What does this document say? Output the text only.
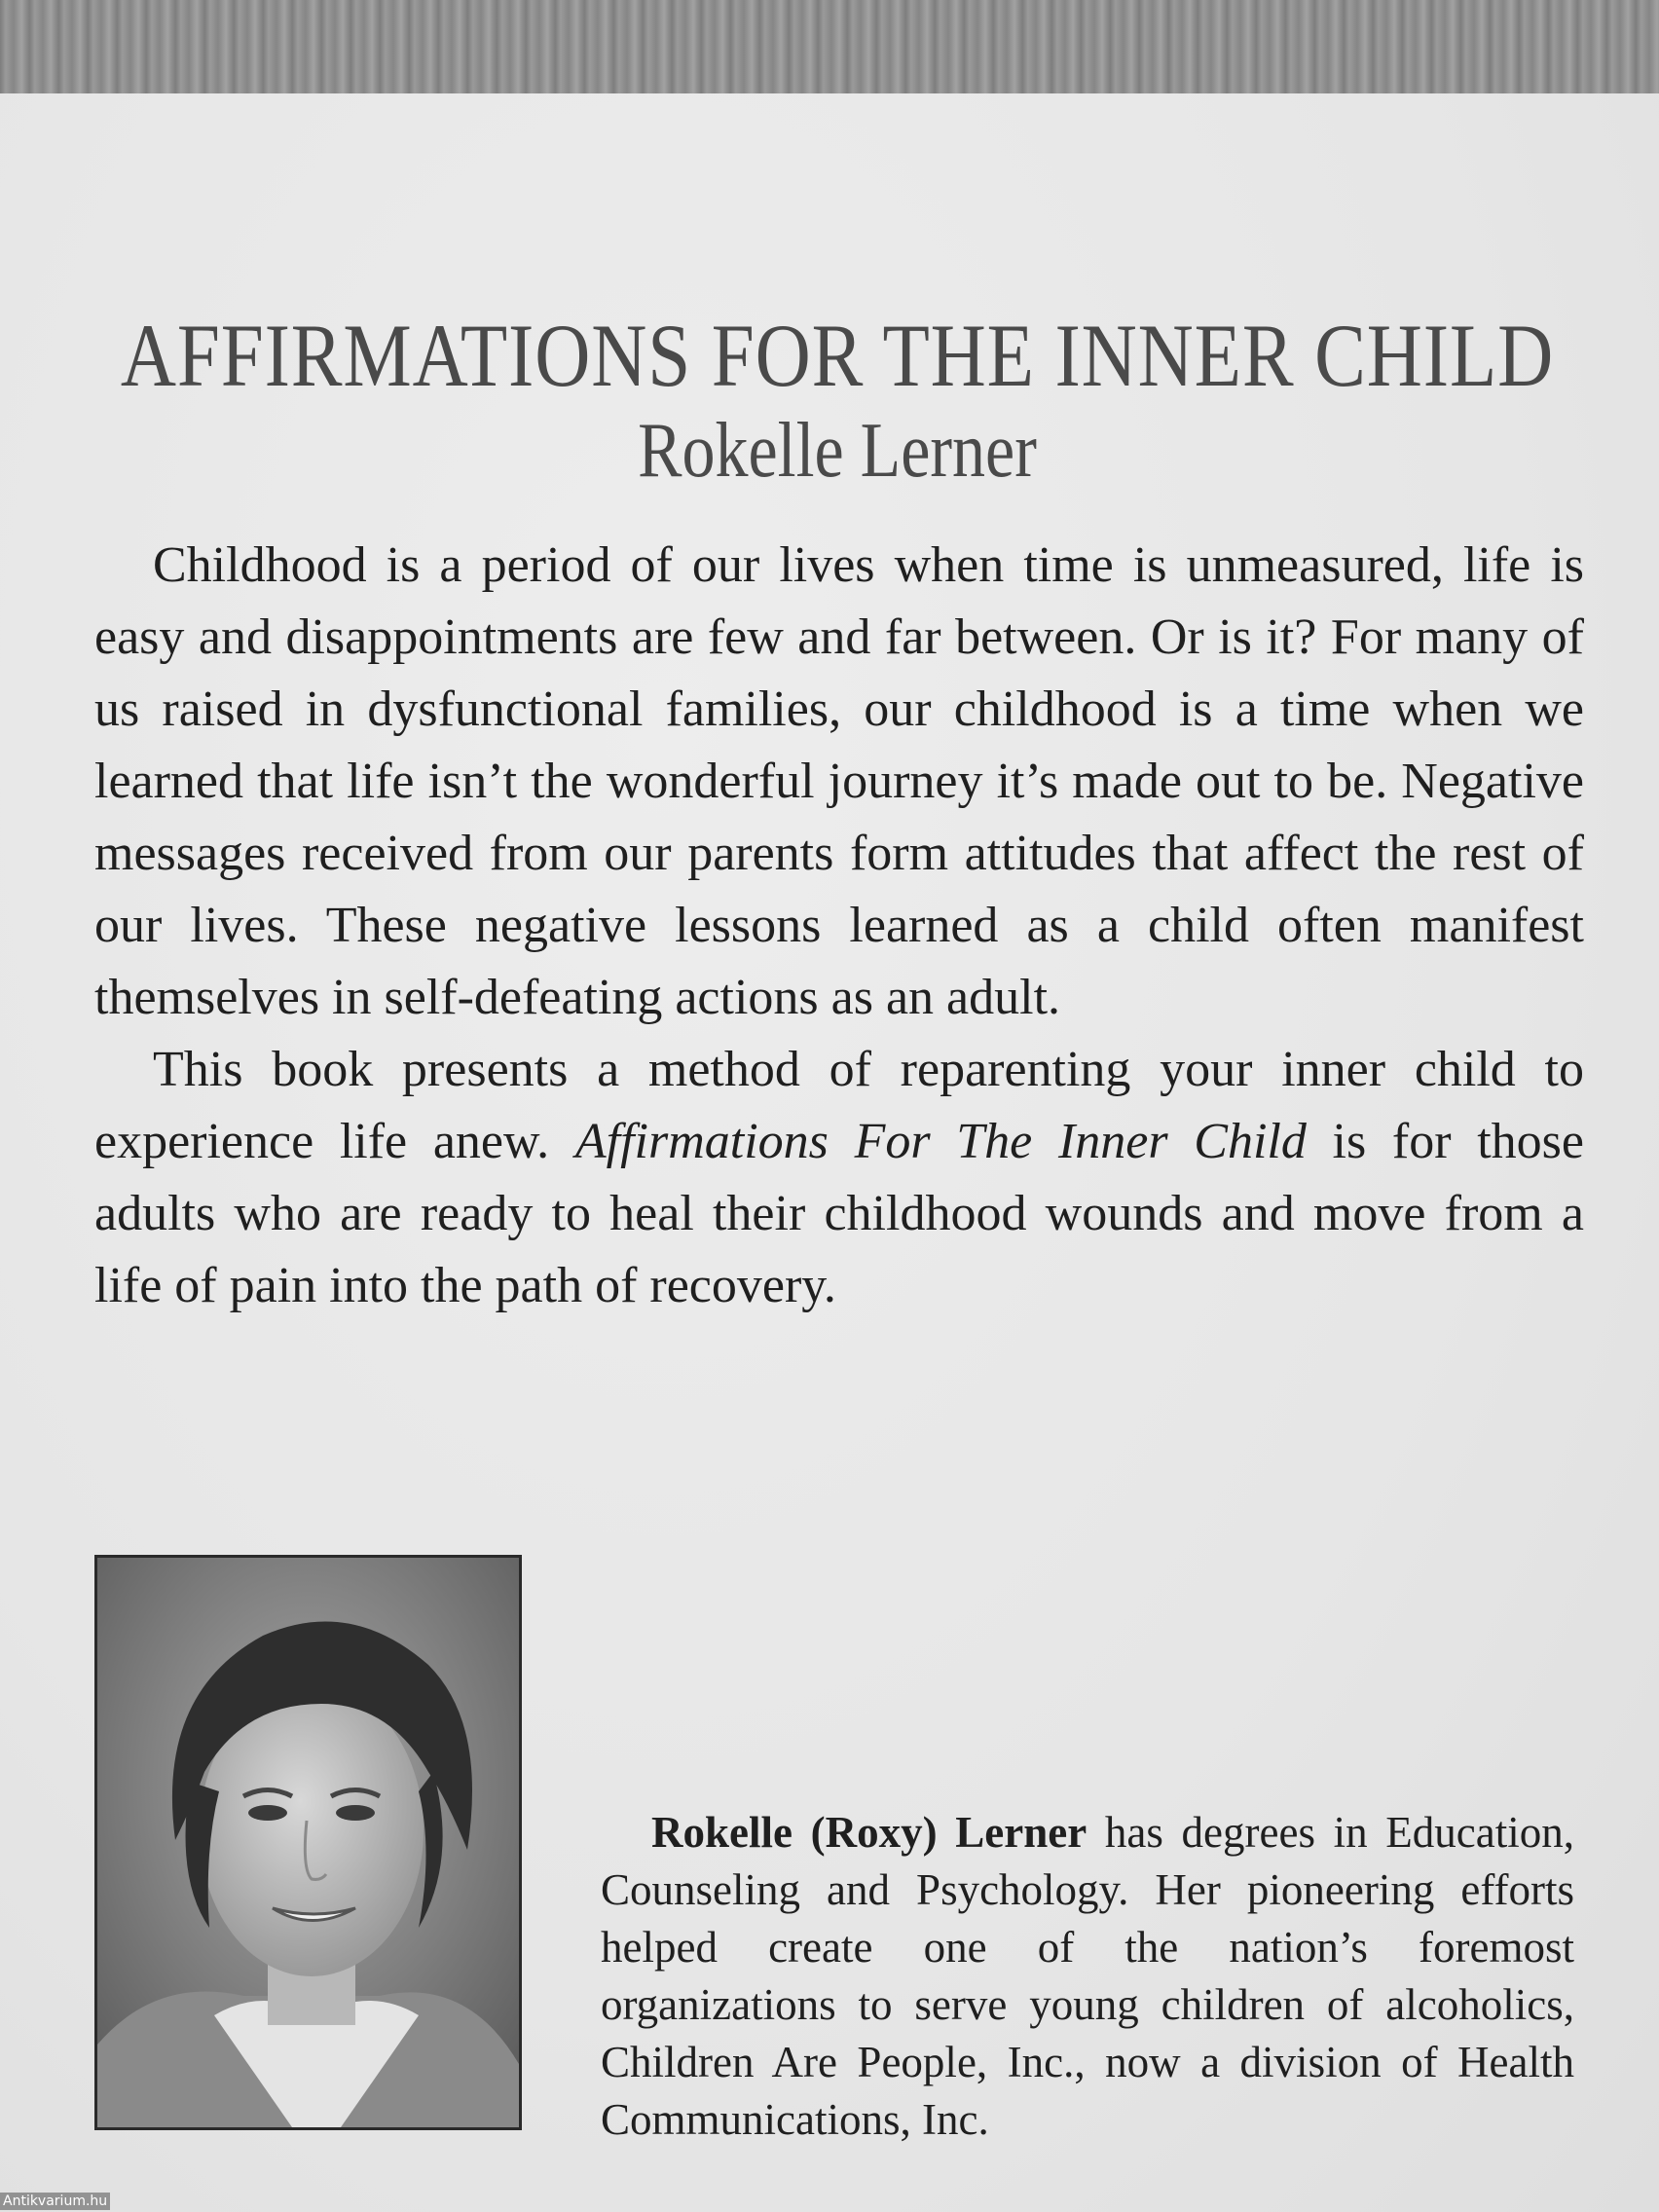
AFFIRMATIONS FOR THE INNER CHILD
Rokelle Lerner

Childhood is a period of our lives when time is unmeasured, life is easy and disappointments are few and far between. Or is it? For many of us raised in dysfunctional families, our childhood is a time when we learned that life isn’t the wonderful journey it’s made out to be. Negative messages received from our parents form attitudes that affect the rest of our lives. These negative lessons learned as a child often manifest themselves in self-defeating actions as an adult.

This book presents a method of reparenting your inner child to experience life anew. Affirmations For The Inner Child is for those adults who are ready to heal their childhood wounds and move from a life of pain into the path of recovery.

Rokelle (Roxy) Lerner has degrees in Education, Counseling and Psychology. Her pioneering efforts helped create one of the nation’s foremost organizations to serve young children of alcoholics, Children Are People, Inc., now a division of Health Communications, Inc.

Antikvarium.hu
